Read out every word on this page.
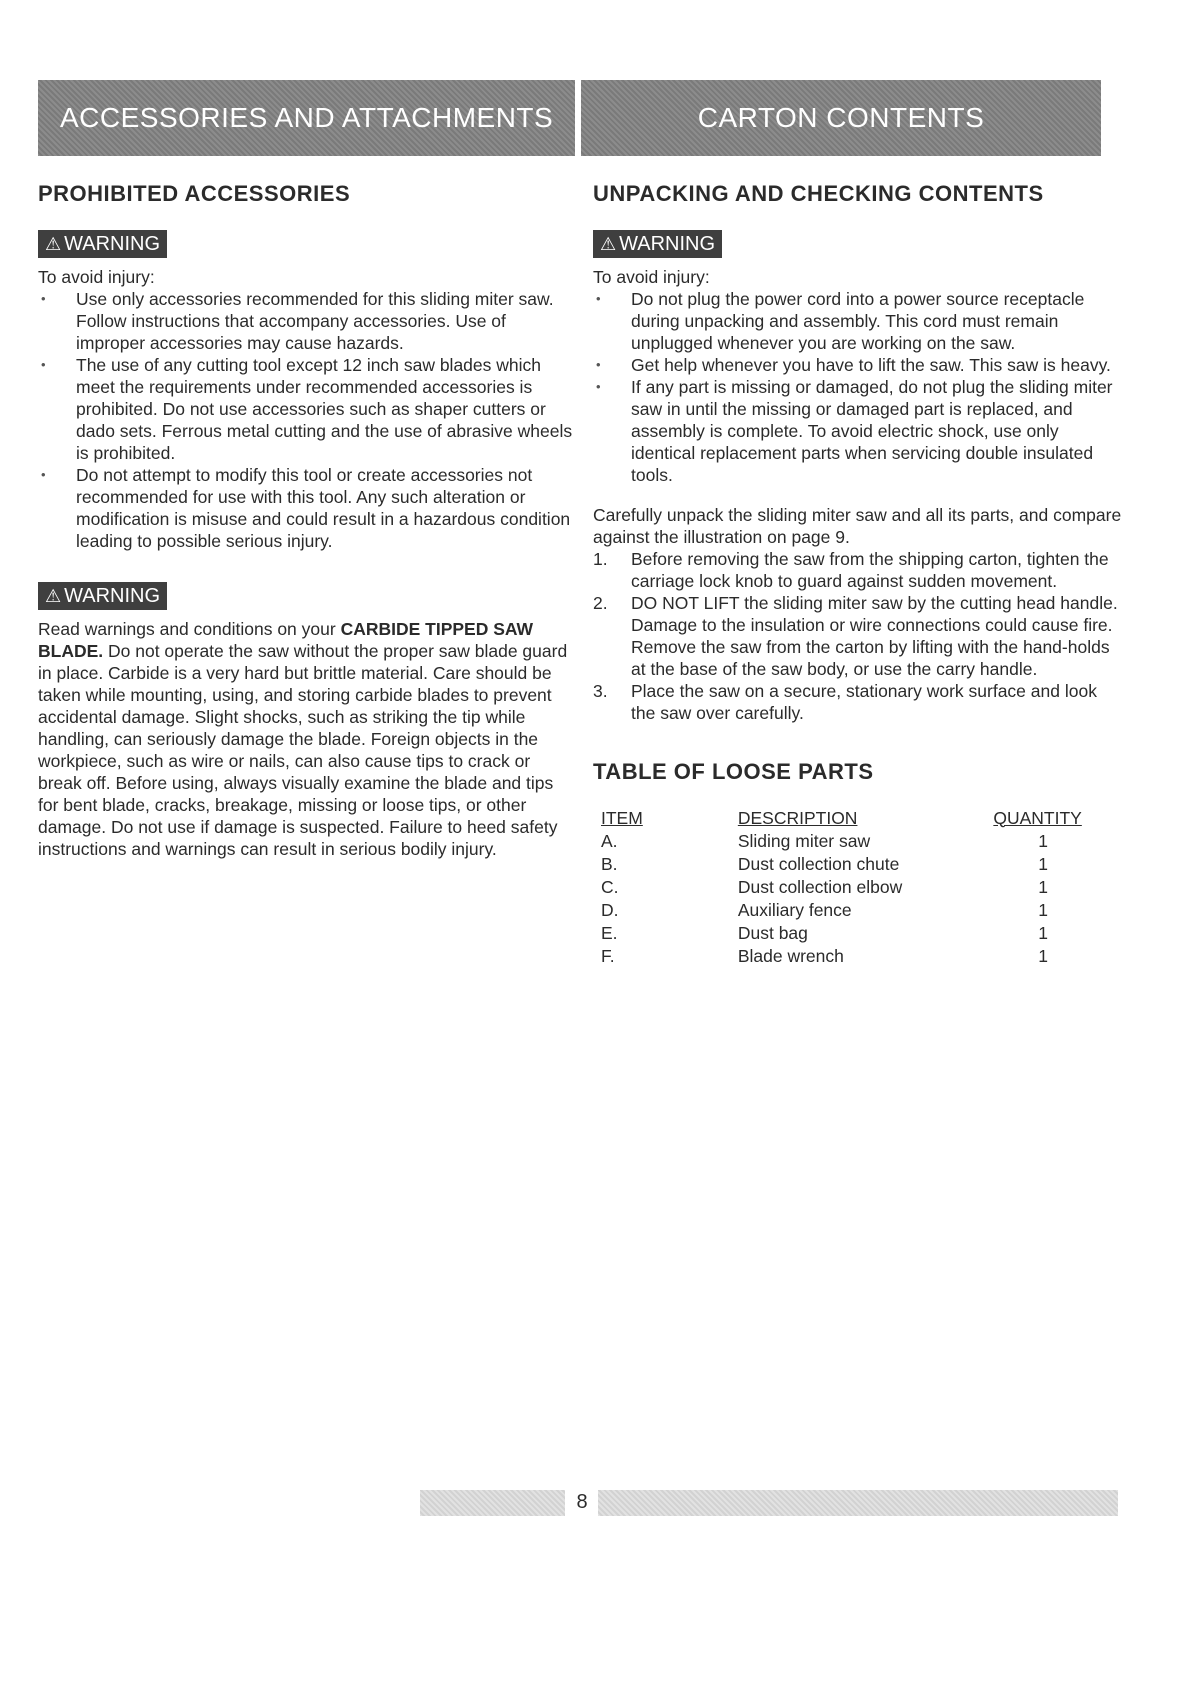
ACCESSORIES AND ATTACHMENTS	CARTON CONTENTS
PROHIBITED ACCESSORIES
⚠ WARNING

To avoid injury:

• Use only accessories recommended for this sliding miter saw. Follow instructions that accompany accessories. Use of improper accessories may cause hazards.
• The use of any cutting tool except 12 inch saw blades which meet the requirements under recommended accessories is prohibited. Do not use accessories such as shaper cutters or dado sets. Ferrous metal cutting and the use of abrasive wheels is prohibited.
• Do not attempt to modify this tool or create accessories not recommended for use with this tool. Any such alteration or modification is misuse and could result in a hazardous condition leading to possible serious injury.
⚠ WARNING

Read warnings and conditions on your CARBIDE TIPPED SAW BLADE. Do not operate the saw without the proper saw blade guard in place. Carbide is a very hard but brittle material. Care should be taken while mounting, using, and storing carbide blades to prevent accidental damage. Slight shocks, such as striking the tip while handling, can seriously damage the blade. Foreign objects in the workpiece, such as wire or nails, can also cause tips to crack or break off. Before using, always visually examine the blade and tips for bent blade, cracks, breakage, missing or loose tips, or other damage. Do not use if damage is suspected. Failure to heed safety instructions and warnings can result in serious bodily injury.

UNPACKING AND CHECKING CONTENTS
⚠ WARNING

To avoid injury:

• Do not plug the power cord into a power source receptacle during unpacking and assembly. This cord must remain unplugged whenever you are working on the saw.
• Get help whenever you have to lift the saw. This saw is heavy.
• If any part is missing or damaged, do not plug the sliding miter saw in until the missing or damaged part is replaced, and assembly is complete. To avoid electric shock, use only identical replacement parts when servicing double insulated tools.

Carefully unpack the sliding miter saw and all its parts, and compare against the illustration on page 9.

1. Before removing the saw from the shipping carton, tighten the carriage lock knob to guard against sudden movement.
2. DO NOT LIFT the sliding miter saw by the cutting head handle. Damage to the insulation or wire connections could cause fire. Remove the saw from the carton by lifting with the hand-holds at the base of the saw body, or use the carry handle.
3. Place the saw on a secure, stationary work surface and look the saw over carefully.
TABLE OF LOOSE PARTS
ITEM	DESCRIPTION	QUANTITY
A.	Sliding miter saw	1
B.	Dust collection chute	1
C.	Dust collection elbow	1
D.	Auxiliary fence	1
E.	Dust bag	1
F.	Blade wrench	1
8
